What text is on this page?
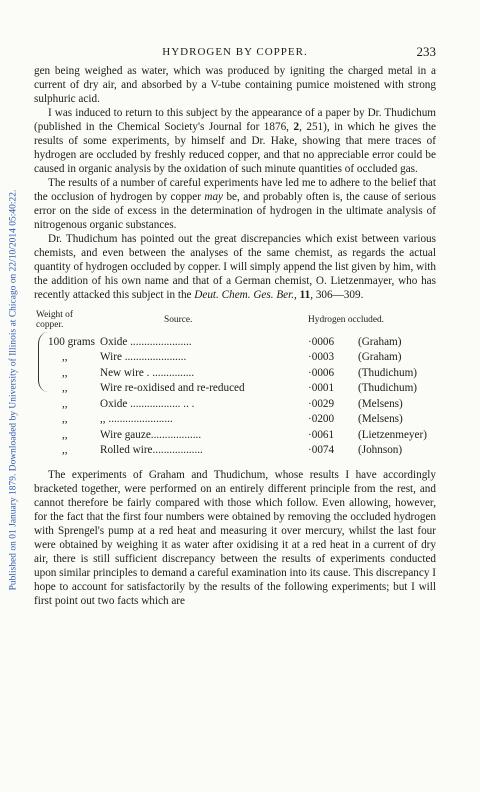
Published on 01 January 1879. Downloaded by University of Illinois at Chicago on 22/10/2014 05:40:22.
HYDROGEN BY COPPER.	233

gen being weighed as water, which was produced by igniting the charged metal in a current of dry air, and absorbed by a V-tube containing pumice moistened with strong sulphuric acid.

I was induced to return to this subject by the appearance of a paper by Dr. Thudichum (published in the Chemical Society's Journal for 1876, 2, 251), in which he gives the results of some experiments, by himself and Dr. Hake, showing that mere traces of hydrogen are occluded by freshly reduced copper, and that no appreciable error could be caused in organic analysis by the oxidation of such minute quantities of occluded gas.

The results of a number of careful experiments have led me to adhere to the belief that the occlusion of hydrogen by copper may be, and probably often is, the cause of serious error on the side of excess in the determination of hydrogen in the ultimate analysis of nitrogenous organic substances.

Dr. Thudichum has pointed out the great discrepancies which exist between various chemists, and even between the analyses of the same chemist, as regards the actual quantity of hydrogen occluded by copper. I will simply append the list given by him, with the addition of his own name and that of a German chemist, O. Lietzenmayer, who has recently attacked this subject in the Deut. Chem. Ges. Ber., 11, 306—309.

Weight of copper.		Source.	Hydrogen occluded.	
	100 grams	Oxide ......................	·0006	(Graham)
	,,	Wire ......................	·0003	(Graham)
	,,	New wire . ...............	·0006	(Thudichum)
	,,	Wire re-oxidised and re-reduced	·0001	(Thudichum)
	,,	Oxide .................. .. .	·0029	(Melsens)
	,,	,, .......................	·0200	(Melsens)
	,,	Wire gauze..................	·0061	(Lietzenmeyer)
	,,	Rolled wire..................	·0074	(Johnson)

The experiments of Graham and Thudichum, whose results I have accordingly bracketed together, were performed on an entirely different principle from the rest, and cannot therefore be fairly compared with those which follow. Even allowing, however, for the fact that the first four numbers were obtained by removing the occluded hydrogen with Sprengel's pump at a red heat and measuring it over mercury, whilst the last four were obtained by weighing it as water after oxidising it at a red heat in a current of dry air, there is still sufficient discrepancy between the results of experiments conducted upon similar principles to demand a careful examination into its cause. This discrepancy I hope to account for satisfactorily by the results of the following experiments; but I will first point out two facts which are
